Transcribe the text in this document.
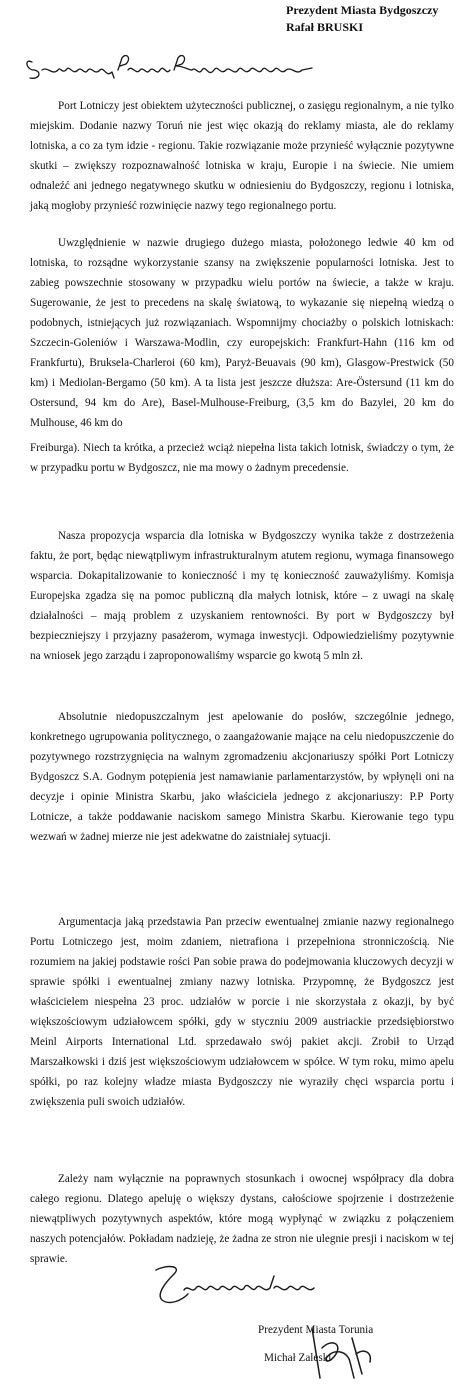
Prezydent Miasta Bydgoszczy
Rafał BRUSKI

Port Lotniczy jest obiektem użyteczności publicznej, o zasięgu regionalnym, a nie tylko miejskim. Dodanie nazwy Toruń nie jest więc okazją do reklamy miasta, ale do reklamy lotniska, a co za tym idzie - regionu. Takie rozwiązanie może przynieść wyłącznie pozytywne skutki – zwiększy rozpoznawalność lotniska w kraju, Europie i na świecie. Nie umiem odnaleźć ani jednego negatywnego skutku w odniesieniu do Bydgoszczy, regionu i lotniska, jaką mogłoby przynieść rozwinięcie nazwy tego regionalnego portu.

Uwzględnienie w nazwie drugiego dużego miasta, położonego ledwie 40 km od lotniska, to rozsądne wykorzystanie szansy na zwiększenie popularności lotniska. Jest to zabieg powszechnie stosowany w przypadku wielu portów na świecie, a także w kraju. Sugerowanie, że jest to precedens na skalę światową, to wykazanie się niepełną wiedzą o podobnych, istniejących już rozwiązaniach. Wspomnijmy chociażby o polskich lotniskach: Szczecin-Goleniów i Warszawa-Modlin, czy europejskich: Frankfurt-Hahn (116 km od Frankfurtu), Bruksela-Charleroi (60 km), Paryż-Beuavais (90 km), Glasgow-Prestwick (50 km) i Mediolan-Bergamo (50 km). A ta lista jest jeszcze dłuższa: Are-Östersund (11 km do Ostersund, 94 km do Are), Basel-Mulhouse-Freiburg, (3,5 km do Bazylei, 20 km do Mulhouse, 46 km do

Freiburga). Niech ta krótka, a przecież wciąż niepełna lista takich lotnisk, świadczy o tym, że w przypadku portu w Bydgoszcz, nie ma mowy o żadnym precedensie.

Nasza propozycja wsparcia dla lotniska w Bydgoszczy wynika także z dostrzeżenia faktu, że port, będąc niewątpliwym infrastrukturalnym atutem regionu, wymaga finansowego wsparcia. Dokapitalizowanie to konieczność i my tę konieczność zauważyliśmy. Komisja Europejska zgadza się na pomoc publiczną dla małych lotnisk, które – z uwagi na skalę działalności – mają problem z uzyskaniem rentowności. By port w Bydgoszczy był bezpieczniejszy i przyjazny pasażerom, wymaga inwestycji. Odpowiedzieliśmy pozytywnie na wniosek jego zarządu i zaproponowaliśmy wsparcie go kwotą 5 mln zł.

Absolutnie niedopuszczalnym jest apelowanie do posłów, szczególnie jednego, konkretnego ugrupowania politycznego, o zaangażowanie mające na celu niedopuszczenie do pozytywnego rozstrzygnięcia na walnym zgromadzeniu akcjonariuszy spółki Port Lotniczy Bydgoszcz S.A. Godnym potępienia jest namawianie parlamentarzystów, by wpłynęli oni na decyzje i opinie Ministra Skarbu, jako właściciela jednego z akcjonariuszy: P.P Porty Lotnicze, a także poddawanie naciskom samego Ministra Skarbu. Kierowanie tego typu wezwań w żadnej mierze nie jest adekwatne do zaistniałej sytuacji.

Argumentacja jaką przedstawia Pan przeciw ewentualnej zmianie nazwy regionalnego Portu Lotniczego jest, moim zdaniem, nietrafiona i przepełniona stronniczością. Nie rozumiem na jakiej podstawie rości Pan sobie prawa do podejmowania kluczowych decyzji w sprawie spółki i ewentualnej zmiany nazwy lotniska. Przypomnę, że Bydgoszcz jest właścicielem niespełna 23 proc. udziałów w porcie i nie skorzystała z okazji, by być większościowym udziałowcem spółki, gdy w styczniu 2009 austriackie przedsiębiorstwo Meinl Airports International Ltd. sprzedawało swój pakiet akcji. Zrobił to Urząd Marszałkowski i dziś jest większościowym udziałowcem w spółce. W tym roku, mimo apelu spółki, po raz kolejny władze miasta Bydgoszczy nie wyraziły chęci wsparcia portu i zwiększenia puli swoich udziałów.

Zależy nam wyłącznie na poprawnych stosunkach i owocnej współpracy dla dobra całego regionu. Dlatego apeluję o większy dystans, całościowe spojrzenie i dostrzeżenie niewątpliwych pozytywnych aspektów, które mogą wypłynąć w związku z połączeniem naszych potencjałów. Pokładam nadzieję, że żadna ze stron nie ulegnie presji i naciskom w tej sprawie.

Prezydent Miasta Torunia
Michał Zaleski
